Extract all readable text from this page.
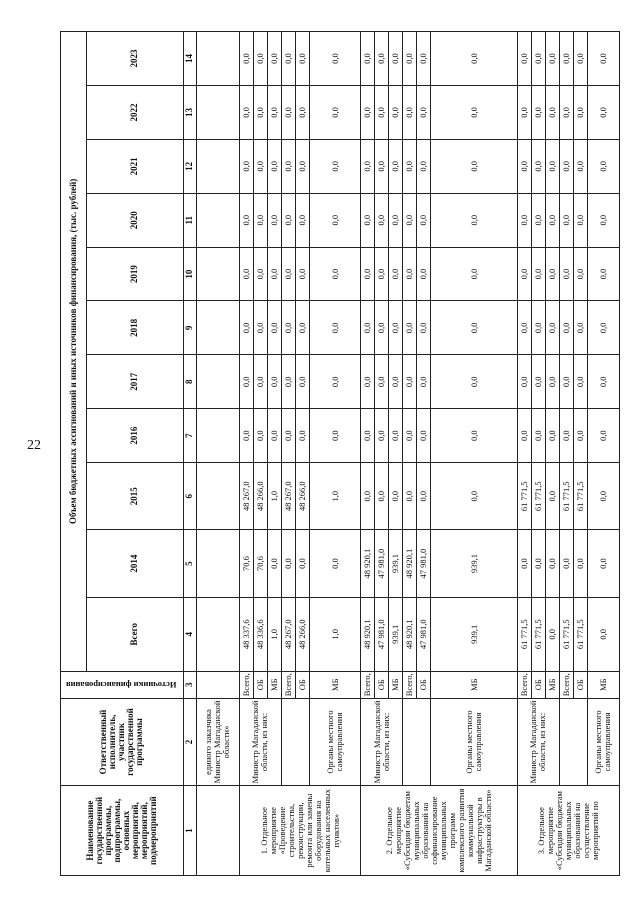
22
Наименование государственной программы, подпрограммы, основных мероприятий, мероприятий, подмероприятий	Ответственный исполнитель, участник государственной программы	Источники финансирования	Объем бюджетных ассигнований и иных источников финансирования, (тыс. рублей)										
			Всего	2014	2015	2016	2017	2018	2019	2020	2021	2022	2023
1	2	3	4	5	6	7	8	9	10	11	12	13	14
	единого заказчика Министр Магаданской области»												
1. Отдельное мероприятие «Проведение строительства, реконструкции, ремонта или замены оборудования на котельных населенных пунктов»	Министр Магаданской области, из них:	Всего,	48 337,6	70,6	48 267,0	0,0	0,0	0,0	0,0	0,0	0,0	0,0	0,0
		ОБ	48 336,6	70,6	48 266,0	0,0	0,0	0,0	0,0	0,0	0,0	0,0	0,0
		МБ	1,0	0,0	1,0	0,0	0,0	0,0	0,0	0,0	0,0	0,0	0,0
		Всего,	48 267,0	0,0	48 267,0	0,0	0,0	0,0	0,0	0,0	0,0	0,0	0,0
		ОБ	48 266,0	0,0	48 266,0	0,0	0,0	0,0	0,0	0,0	0,0	0,0	0,0
	Органы местного самоуправления	МБ	1,0	0,0	1,0	0,0	0,0	0,0	0,0	0,0	0,0	0,0	0,0
2. Отдельное мероприятие «Субсидии бюджетам муниципальных образований на софинансирование муниципальных программ комплексного развития коммунальной инфраструктуры в Магаданской области»	Министр Магаданской области, из них:	Всего,	48 920,1	48 920,1	0,0	0,0	0,0	0,0	0,0	0,0	0,0	0,0	0,0
		ОБ	47 981,0	47 981,0	0,0	0,0	0,0	0,0	0,0	0,0	0,0	0,0	0,0
		МБ	939,1	939,1	0,0	0,0	0,0	0,0	0,0	0,0	0,0	0,0	0,0
		Всего,	48 920,1	48 920,1	0,0	0,0	0,0	0,0	0,0	0,0	0,0	0,0	0,0
		ОБ	47 981,0	47 981,0	0,0	0,0	0,0	0,0	0,0	0,0	0,0	0,0	0,0
	Органы местного самоуправления	МБ	939,1	939,1	0,0	0,0	0,0	0,0	0,0	0,0	0,0	0,0	0,0
3. Отдельное мероприятие «Субсидии бюджетам муниципальных образований на осуществление мероприятий по	Министр Магаданской области, из них:	Всего,	61 771,5	0,0	61 771,5	0,0	0,0	0,0	0,0	0,0	0,0	0,0	0,0
		ОБ	61 771,5	0,0	61 771,5	0,0	0,0	0,0	0,0	0,0	0,0	0,0	0,0
		МБ	0,0	0,0	0,0	0,0	0,0	0,0	0,0	0,0	0,0	0,0	0,0
		Всего,	61 771,5	0,0	61 771,5	0,0	0,0	0,0	0,0	0,0	0,0	0,0	0,0
		ОБ	61 771,5	0,0	61 771,5	0,0	0,0	0,0	0,0	0,0	0,0	0,0	0,0
	Органы местного самоуправления	МБ	0,0	0,0	0,0	0,0	0,0	0,0	0,0	0,0	0,0	0,0	0,0
